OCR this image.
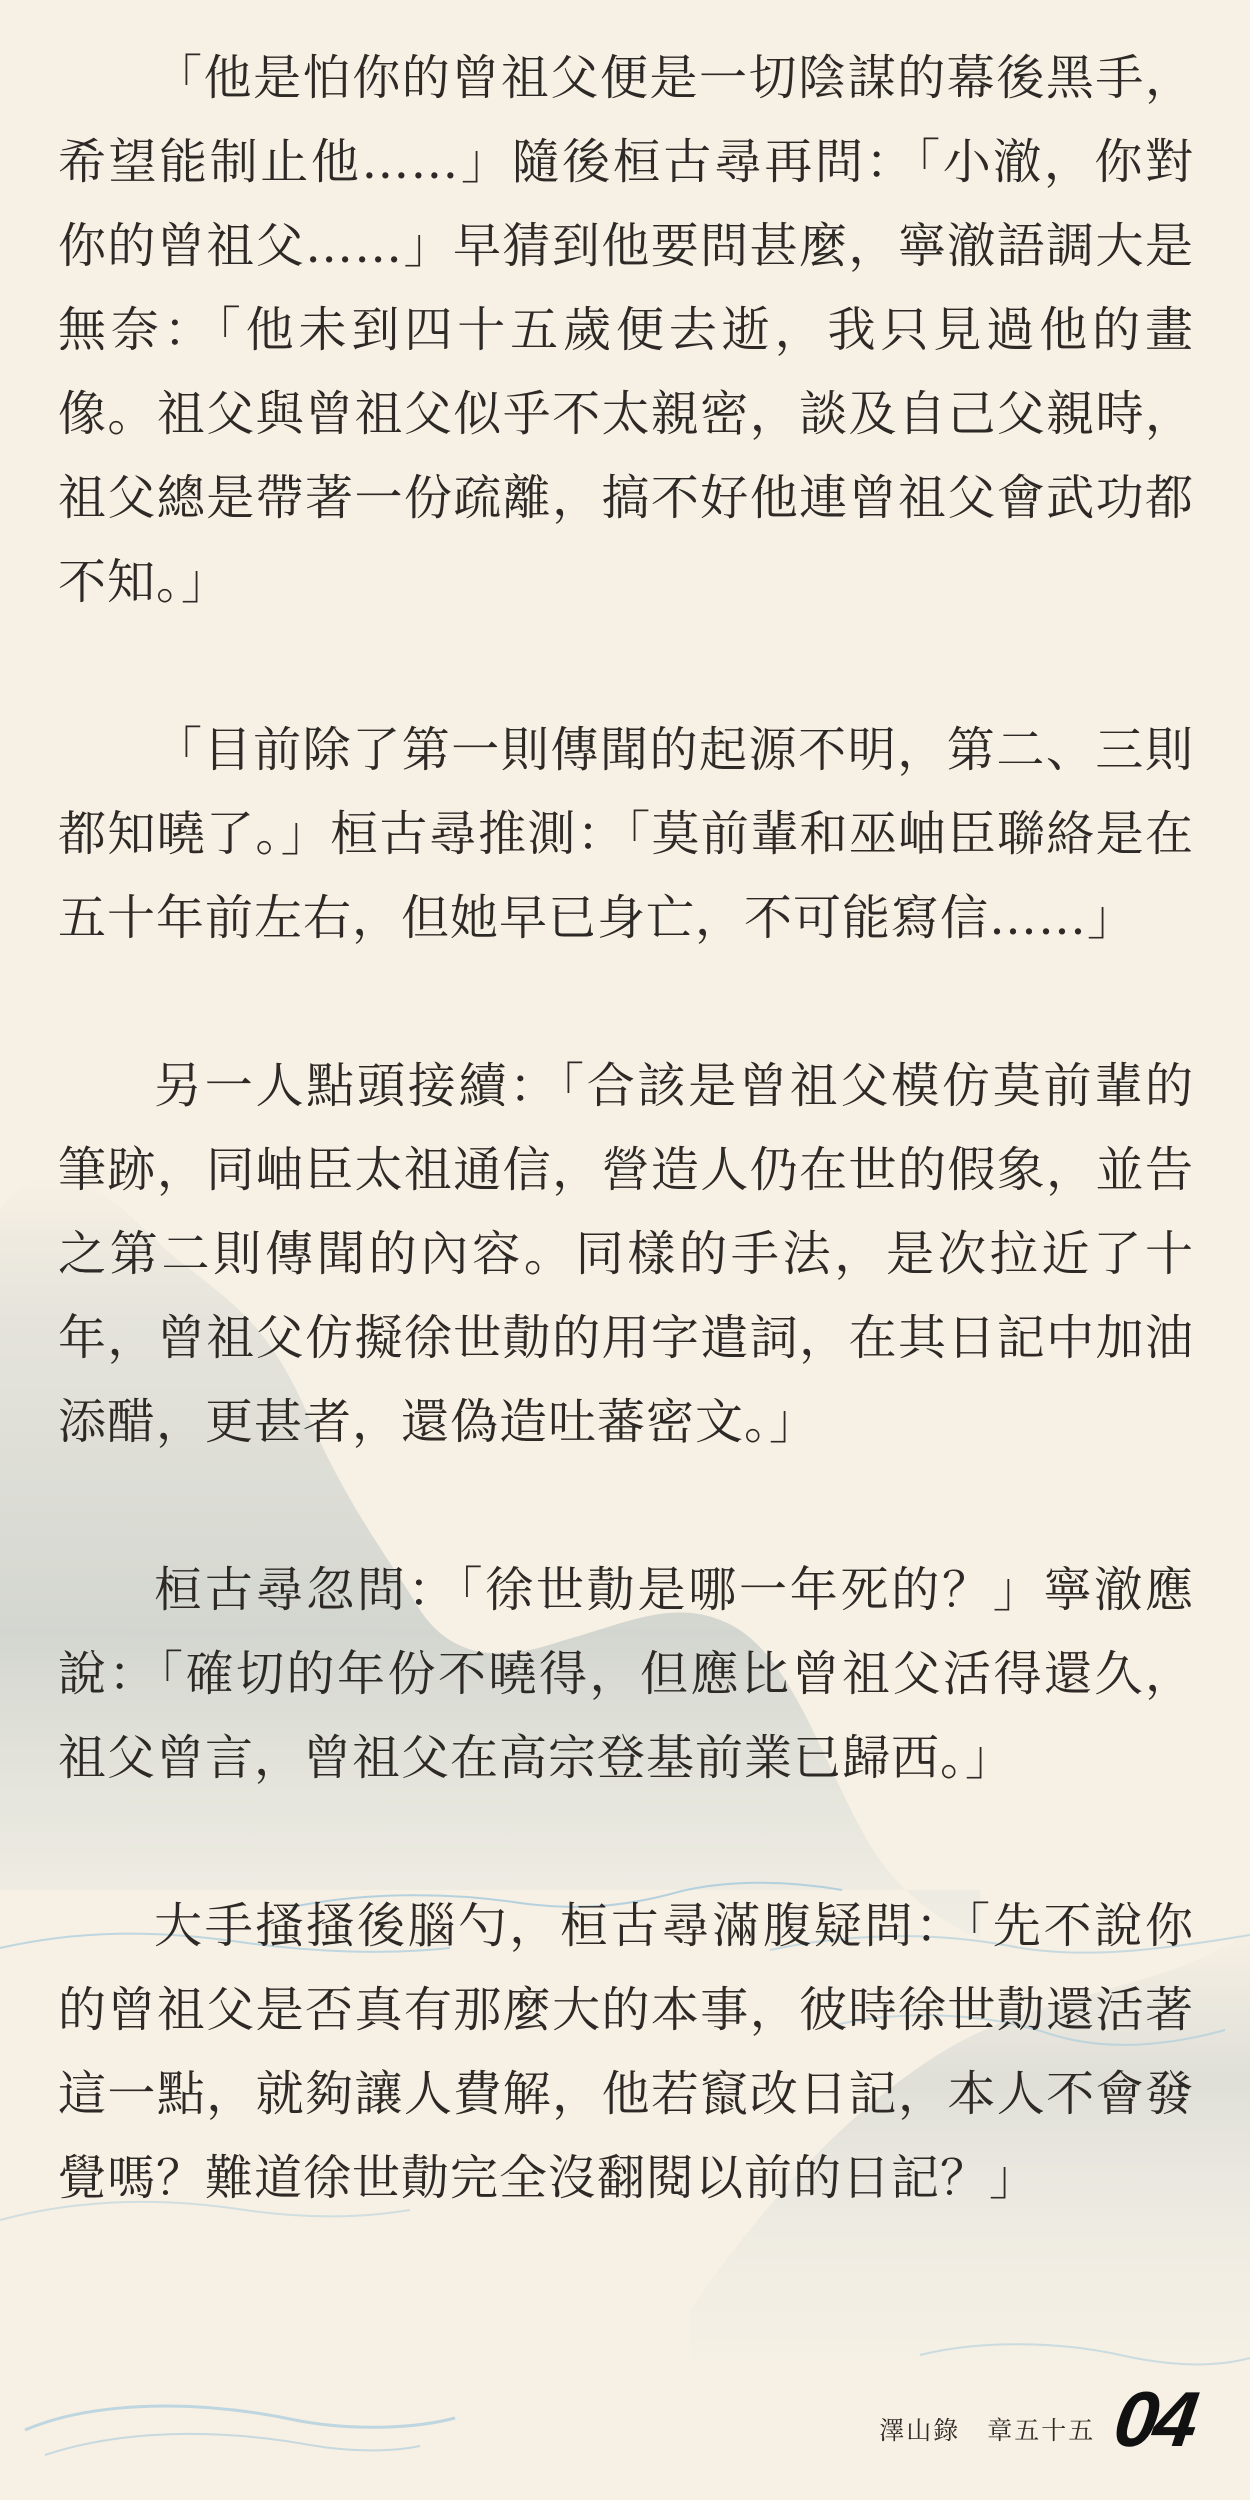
「他是怕你的曾祖父便是一切陰謀的幕後黑手，希望能制止他……」隨後桓古尋再問：「小澈，你對你的曾祖父……」早猜到他要問甚麼，寧澈語調大是無奈：「他未到四十五歲便去逝，我只見過他的畫像。祖父與曾祖父似乎不太親密，談及自己父親時，祖父總是帶著一份疏離，搞不好他連曾祖父會武功都不知。」

「目前除了第一則傳聞的起源不明，第二、三則都知曉了。」桓古尋推測：「莫前輩和巫岫臣聯絡是在五十年前左右，但她早已身亡，不可能寫信……」

另一人點頭接續：「合該是曾祖父模仿莫前輩的筆跡，同岫臣太祖通信，營造人仍在世的假象，並告之第二則傳聞的內容。同樣的手法，是次拉近了十年，曾祖父仿擬徐世勣的用字遣詞，在其日記中加油添醋，更甚者，還偽造吐蕃密文。」

桓古尋忽問：「徐世勣是哪一年死的？」寧澈應說：「確切的年份不曉得，但應比曾祖父活得還久，祖父曾言，曾祖父在高宗登基前業已歸西。」

大手搔搔後腦勺，桓古尋滿腹疑問：「先不說你的曾祖父是否真有那麼大的本事，彼時徐世勣還活著這一點，就夠讓人費解，他若竄改日記，本人不會發覺嗎？難道徐世勣完全沒翻閱以前的日記？」

澤山錄　章五十五 04
